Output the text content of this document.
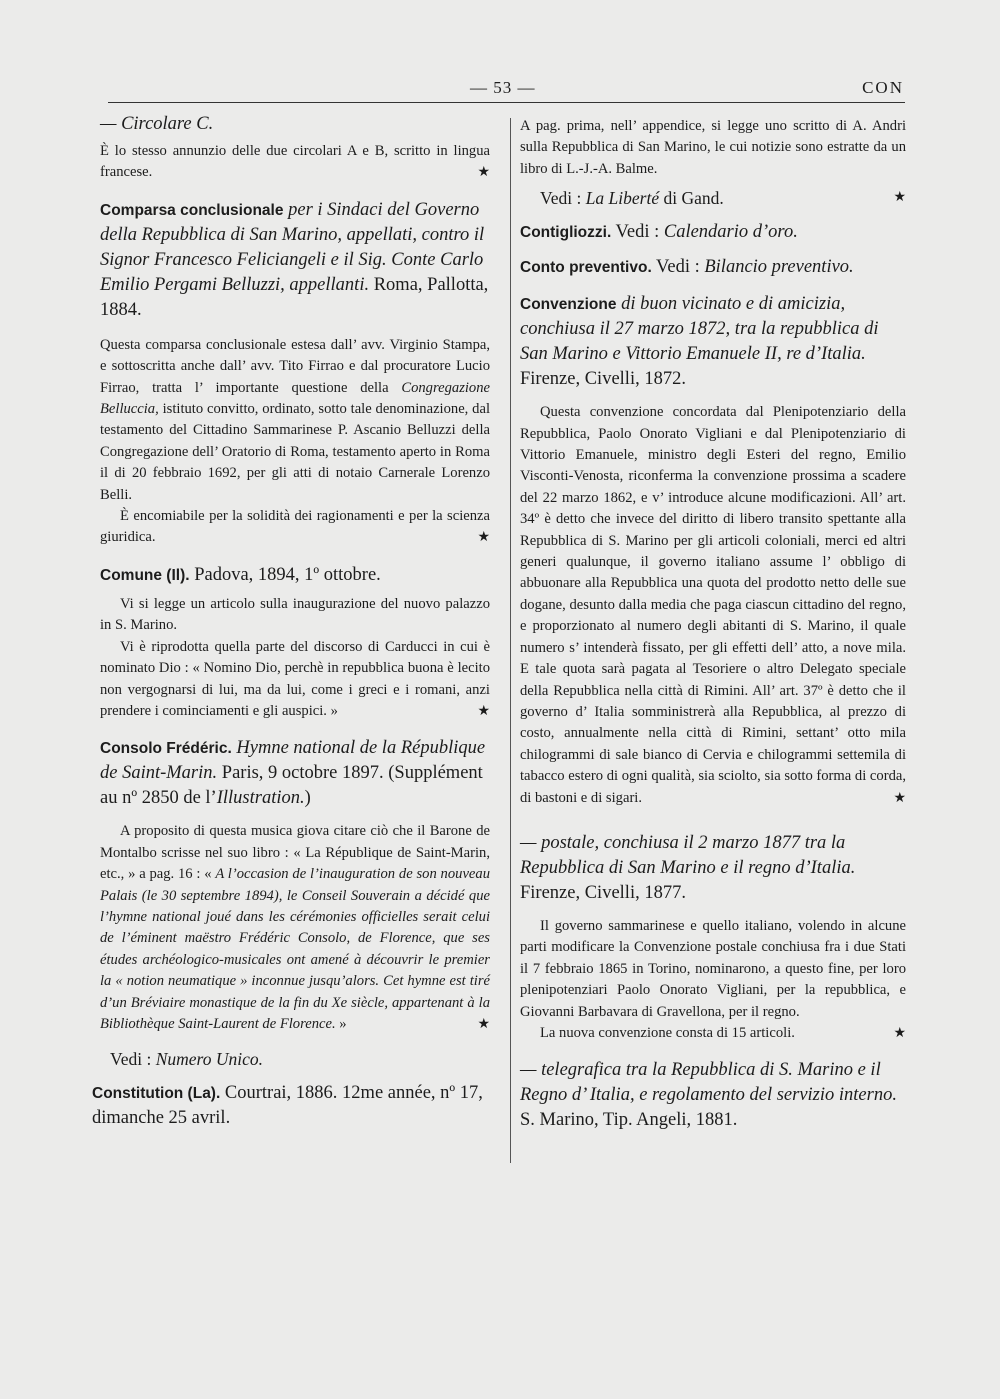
— 53 —	CON

— Circolare C.

È lo stesso annunzio delle due circolari A e B, scritto in lingua francese.	★

Comparsa conclusionale per i Sindaci del Governo della Repubblica di San Marino, appellati, contro il Signor Francesco Feliciangeli e il Sig. Conte Carlo Emilio Pergami Belluzzi, appellanti. Roma, Pallotta, 1884.

Questa comparsa conclusionale estesa dall’ avv. Virginio Stampa, e sottoscritta anche dall’ avv. Tito Firrao e dal procuratore Lucio Firrao, tratta l’ importante questione della Congregazione Belluccia, istituto convitto, ordinato, sotto tale denominazione, dal testamento del Cittadino Sammarinese P. Ascanio Belluzzi della Congregazione dell’ Oratorio di Roma, testamento aperto in Roma il di 20 febbraio 1692, per gli atti di notaio Carnerale Lorenzo Belli.

È encomiabile per la solidità dei ragionamenti e per la scienza giuridica.	★

Comune (Il). Padova, 1894, 1º ottobre.

Vi si legge un articolo sulla inaugurazione del nuovo palazzo in S. Marino.

Vi è riprodotta quella parte del discorso di Carducci in cui è nominato Dio : « Nomino Dio, perchè in repubblica buona è lecito non vergognarsi di lui, ma da lui, come i greci e i romani, anzi prendere i cominciamenti e gli auspici. »	★

Consolo Frédéric. Hymne national de la République de Saint-Marin. Paris, 9 octobre 1897. (Supplément au nº 2850 de l’Illustration.)

A proposito di questa musica giova citare ciò che il Barone de Montalbo scrisse nel suo libro : « La République de Saint-Marin, etc., » a pag. 16 : « A l’occasion de l’inauguration de son nouveau Palais (le 30 septembre 1894), le Conseil Souverain a décidé que l’hymne national joué dans les cérémonies officielles serait celui de l’éminent maëstro Frédéric Consolo, de Florence, que ses études archéologico-musicales ont amené à découvrir le premier la « notion neumatique » inconnue jusqu’alors. Cet hymne est tiré d’un Bréviaire monastique de la fin du Xe siècle, appartenant à la Bibliothèque Saint-Laurent de Florence. »	★

Vedi : Numero Unico.

Constitution (La). Courtrai, 1886. 12me année, nº 17, dimanche 25 avril.

A pag. prima, nell’ appendice, si legge uno scritto di A. Andri sulla Repubblica di San Marino, le cui notizie sono estratte da un libro di L.-J.-A. Balme.

Vedi : La Liberté di Gand.	★

Contigliozzi. Vedi : Calendario d’oro.

Conto preventivo. Vedi : Bilancio preventivo.

Convenzione di buon vicinato e di amicizia, conchiusa il 27 marzo 1872, tra la repubblica di San Marino e Vittorio Emanuele II, re d’Italia. Firenze, Civelli, 1872.

Questa convenzione concordata dal Plenipotenziario della Repubblica, Paolo Onorato Vigliani e dal Plenipotenziario di Vittorio Emanuele, ministro degli Esteri del regno, Emilio Visconti-Venosta, riconferma la convenzione prossima a scadere del 22 marzo 1862, e v’ introduce alcune modificazioni. All’ art. 34º è detto che invece del diritto di libero transito spettante alla Repubblica di S. Marino per gli articoli coloniali, merci ed altri generi qualunque, il governo italiano assume l’ obbligo di abbuonare alla Repubblica una quota del prodotto netto delle sue dogane, desunto dalla media che paga ciascun cittadino del regno, e proporzionato al numero degli abitanti di S. Marino, il quale numero s’ intenderà fissato, per gli effetti dell’ atto, a nove mila. E tale quota sarà pagata al Tesoriere o altro Delegato speciale della Repubblica nella città di Rimini. All’ art. 37º è detto che il governo d’ Italia somministrerà alla Repubblica, al prezzo di costo, annualmente nella città di Rimini, settant’ otto mila chilogrammi di sale bianco di Cervia e chilogrammi settemila di tabacco estero di ogni qualità, sia sciolto, sia sotto forma di corda, di bastoni e di sigari.	★

— postale, conchiusa il 2 marzo 1877 tra la Repubblica di San Marino e il regno d’Italia. Firenze, Civelli, 1877.

Il governo sammarinese e quello italiano, volendo in alcune parti modificare la Convenzione postale conchiusa fra i due Stati il 7 febbraio 1865 in Torino, nominarono, a questo fine, per loro plenipotenziari Paolo Onorato Vigliani, per la repubblica, e Giovanni Barbavara di Gravellona, per il regno.

La nuova convenzione consta di 15 articoli.	★

— telegrafica tra la Repubblica di S. Marino e il Regno d’ Italia, e regolamento del servizio interno. S. Marino, Tip. Angeli, 1881.
